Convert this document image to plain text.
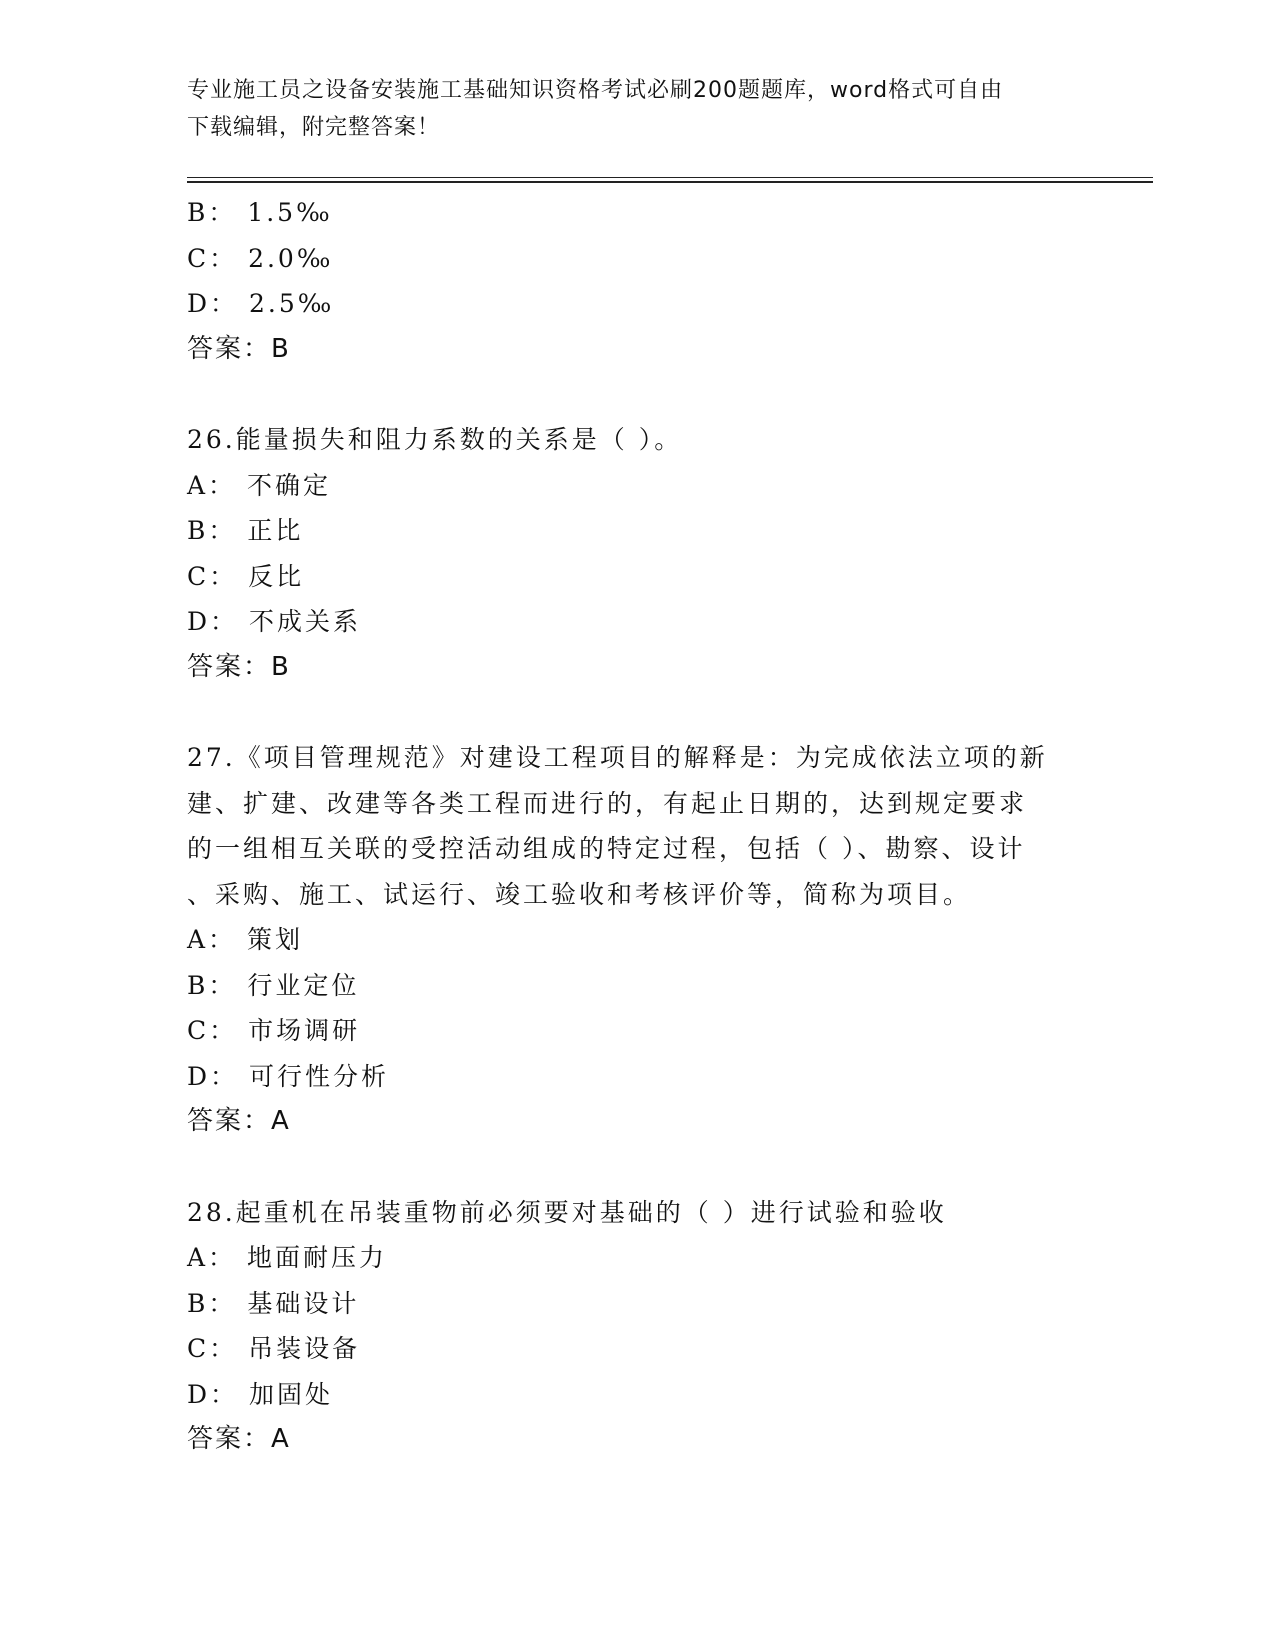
专业施工员之设备安装施工基础知识资格考试必刷200题题库，word格式可自由
下载编辑，附完整答案！
B： 1.5‰
C： 2.0‰
D： 2.5‰
答案：B
26.能量损失和阻力系数的关系是（ ）。
A： 不确定
B： 正比
C： 反比
D： 不成关系
答案：B
27.《项目管理规范》对建设工程项目的解释是：为完成依法立项的新
建、扩建、改建等各类工程而进行的，有起止日期的，达到规定要求
的一组相互关联的受控活动组成的特定过程，包括（ ）、勘察、设计
、采购、施工、试运行、竣工验收和考核评价等，简称为项目。
A： 策划
B： 行业定位
C： 市场调研
D： 可行性分析
答案：A
28.起重机在吊装重物前必须要对基础的（ ）进行试验和验收
A： 地面耐压力
B： 基础设计
C： 吊装设备
D： 加固处
答案：A
